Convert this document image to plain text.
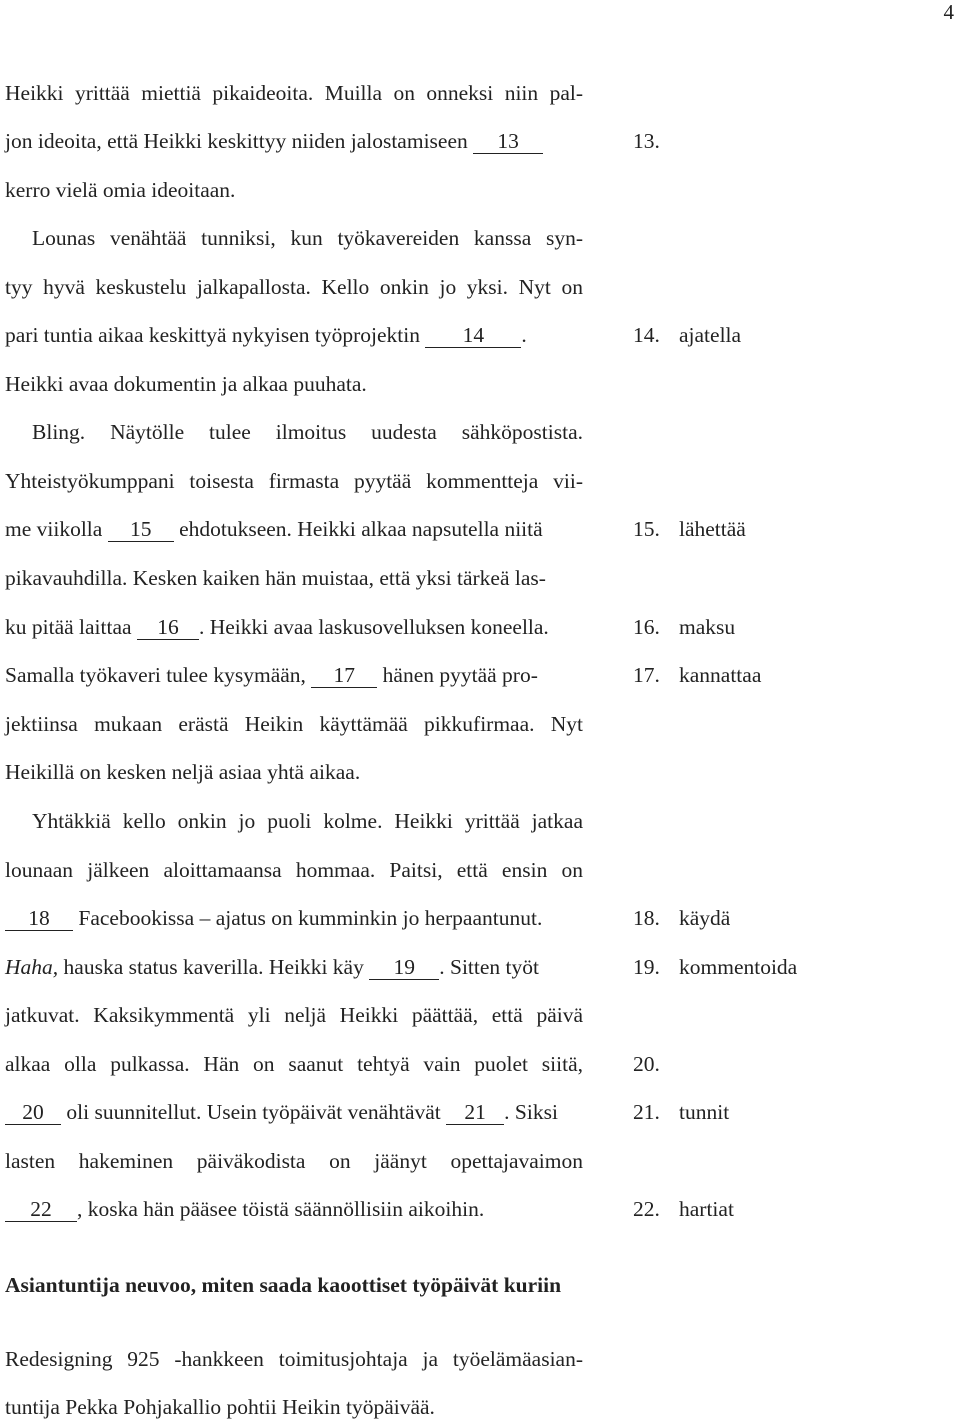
4
Heikki yrittää miettiä pikaideoita. Muilla on onneksi niin pal-
jon ideoita, että Heikki keskittyy niiden jalostamiseen 13
kerro vielä omia ideoitaan.
Lounas venähtää tunniksi, kun työkavereiden kanssa syn-
tyy hyvä keskustelu jalkapallosta. Kello onkin jo yksi. Nyt on
pari tuntia aikaa keskittyä nykyisen työprojektin 14 .
Heikki avaa dokumentin ja alkaa puuhata.
Bling. Näytölle tulee ilmoitus uudesta sähköpostista.
Yhteistyökumppani toisesta firmasta pyytää kommentteja vii-
me viikolla 15 ehdotukseen. Heikki alkaa napsutella niitä
pikavauhdilla. Kesken kaiken hän muistaa, että yksi tärkeä las-
ku pitää laittaa 16 . Heikki avaa laskusovelluksen koneella.
Samalla työkaveri tulee kysymään, 17 hänen pyytää pro-
jektiinsa mukaan erästä Heikin käyttämää pikkufirmaa. Nyt
Heikillä on kesken neljä asiaa yhtä aikaa.
Yhtäkkiä kello onkin jo puoli kolme. Heikki yrittää jatkaa
lounaan jälkeen aloittamaansa hommaa. Paitsi, että ensin on
18 Facebookissa – ajatus on kumminkin jo herpaantunut.
Haha, hauska status kaverilla. Heikki käy 19 . Sitten työt
jatkuvat. Kaksikymmentä yli neljä Heikki päättää, että päivä
alkaa olla pulkassa. Hän on saanut tehtyä vain puolet siitä,
20 oli suunnitellut. Usein työpäivät venähtävät 21 . Siksi
lasten hakeminen päiväkodista on jäänyt opettajavaimon
22 , koska hän pääsee töistä säännöllisiin aikoihin.
13.
14. ajatella
15. lähettää
16. maksu
17. kannattaa
18. käydä
19. kommentoida
20.
21. tunnit
22. hartiat
Asiantuntija neuvoo, miten saada kaoottiset työpäivät kuriin
Redesigning 925 -hankkeen toimitusjohtaja ja työelämäasian-
tuntija Pekka Pohjakallio pohtii Heikin työpäivää.
